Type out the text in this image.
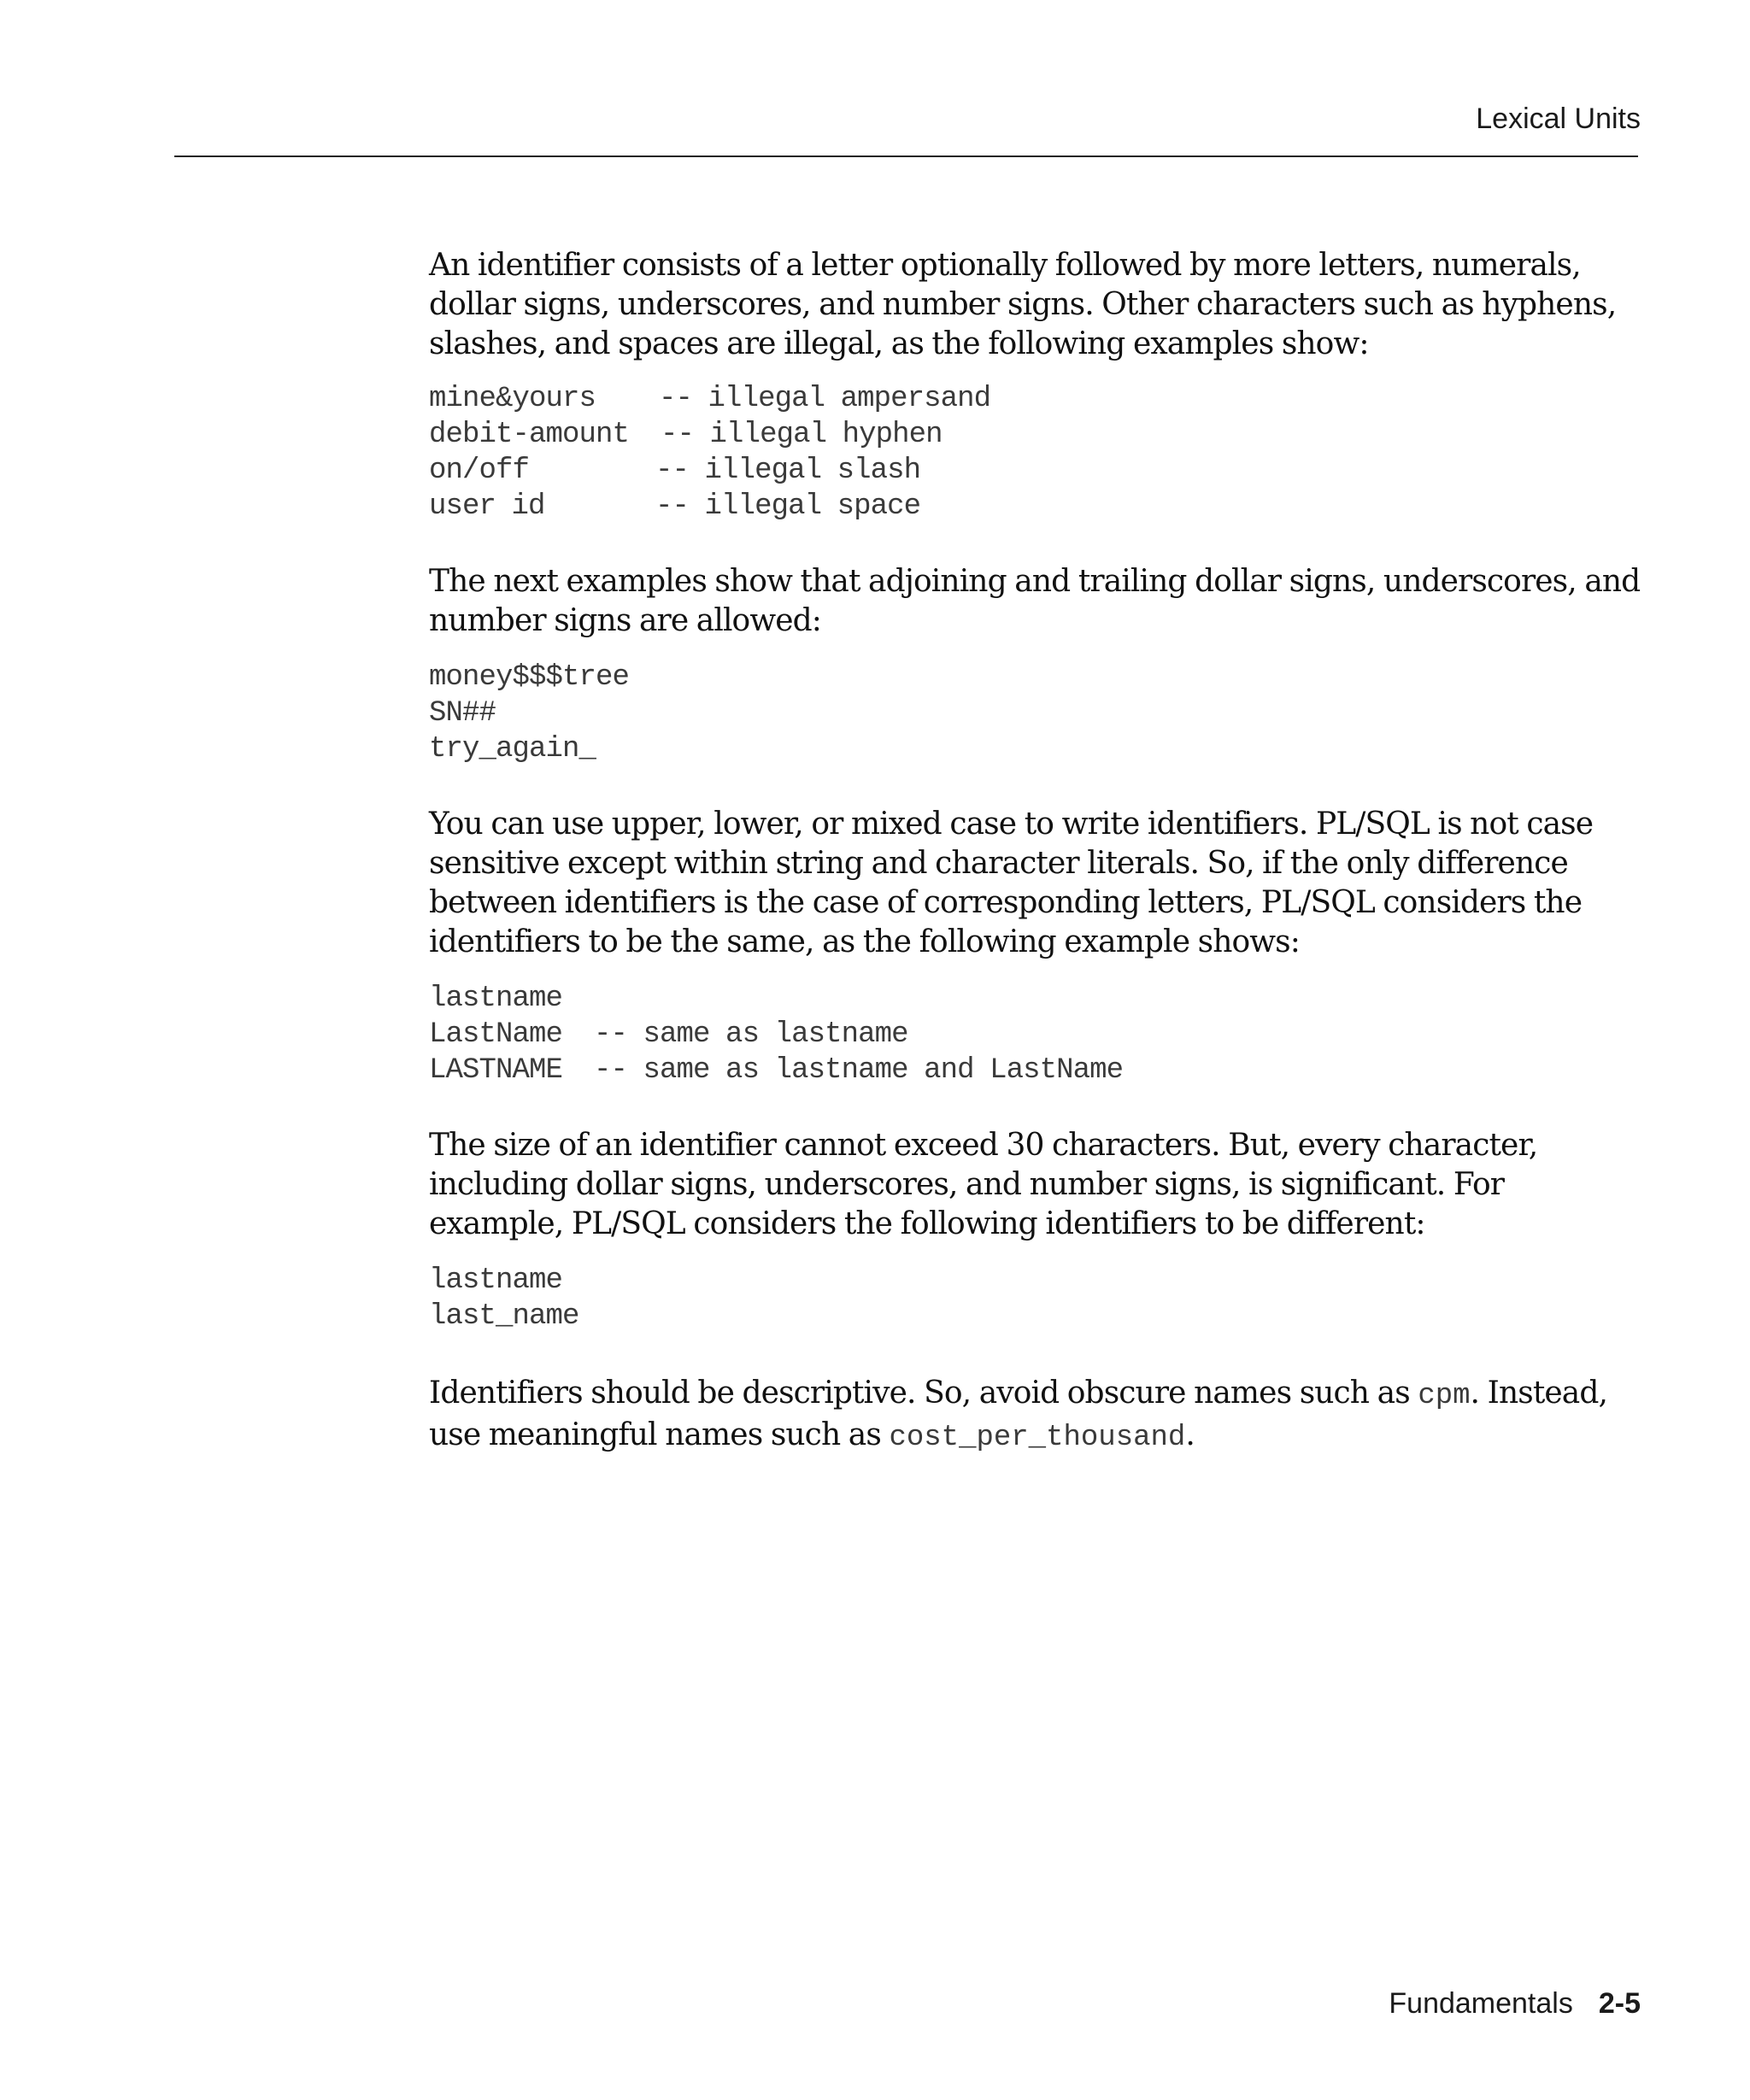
Lexical Units

An identifier consists of a letter optionally followed by more letters, numerals, dollar signs, underscores, and number signs. Other characters such as hyphens, slashes, and spaces are illegal, as the following examples show:

mine&yours    -- illegal ampersand
debit-amount  -- illegal hyphen
on/off        -- illegal slash
user id       -- illegal space

The next examples show that adjoining and trailing dollar signs, underscores, and number signs are allowed:

money$$$tree
SN##
try_again_

You can use upper, lower, or mixed case to write identifiers. PL/SQL is not case sensitive except within string and character literals. So, if the only difference between identifiers is the case of corresponding letters, PL/SQL considers the identifiers to be the same, as the following example shows:

lastname
LastName  -- same as lastname
LASTNAME  -- same as lastname and LastName

The size of an identifier cannot exceed 30 characters. But, every character, including dollar signs, underscores, and number signs, is significant. For example, PL/SQL considers the following identifiers to be different:

lastname
last_name

Identifiers should be descriptive. So, avoid obscure names such as cpm. Instead, use meaningful names such as cost_per_thousand.

Fundamentals 2-5
